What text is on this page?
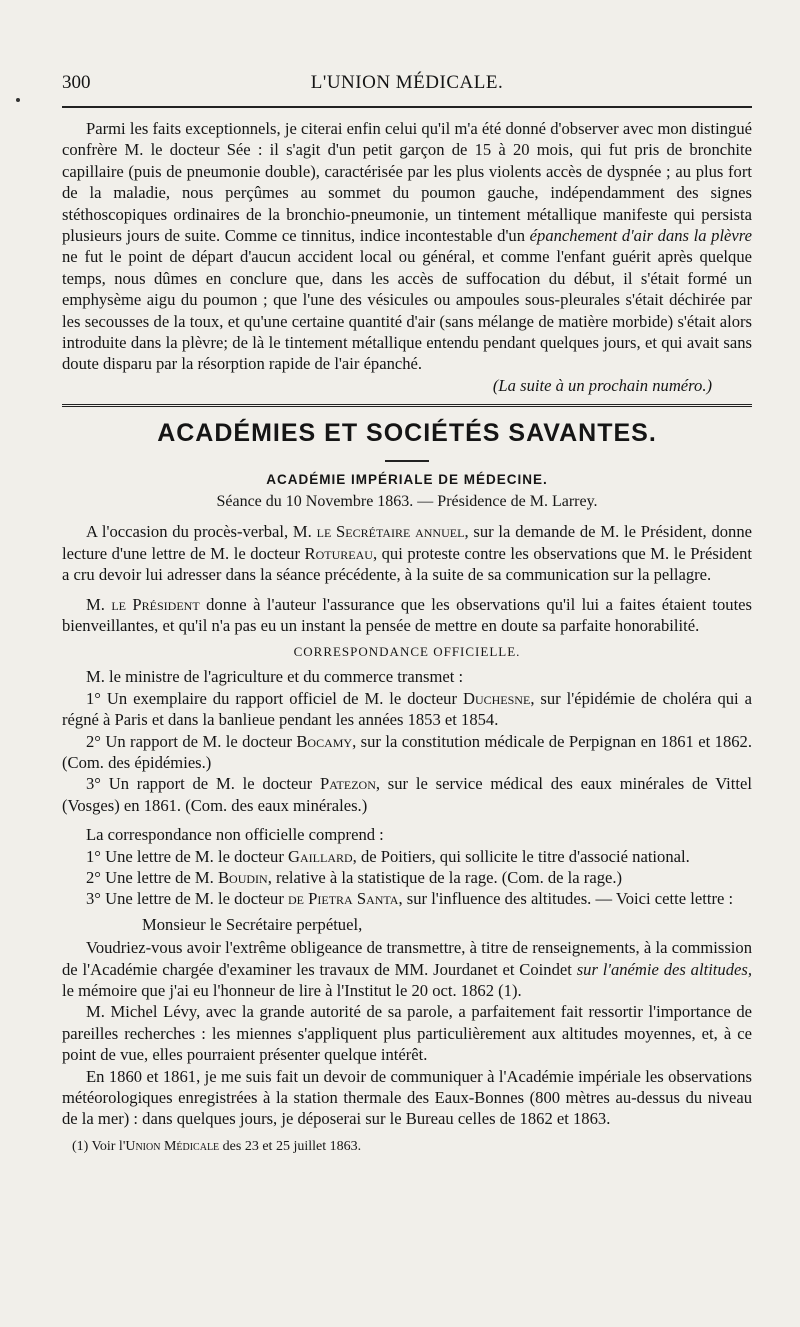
300	L'UNION MÉDICALE.

Parmi les faits exceptionnels, je citerai enfin celui qu'il m'a été donné d'observer avec mon distingué confrère M. le docteur Sée : il s'agit d'un petit garçon de 15 à 20 mois, qui fut pris de bronchite capillaire (puis de pneumonie double), caractérisée par les plus violents accès de dyspnée ; au plus fort de la maladie, nous perçûmes au sommet du poumon gauche, indépendamment des signes stéthoscopiques ordinaires de la bronchio-pneumonie, un tintement métallique manifeste qui persista plusieurs jours de suite. Comme ce tinnitus, indice incontestable d'un épanchement d'air dans la plèvre ne fut le point de départ d'aucun accident local ou général, et comme l'enfant guérit après quelque temps, nous dûmes en conclure que, dans les accès de suffocation du début, il s'était formé un emphysème aigu du poumon ; que l'une des vésicules ou ampoules sous-pleurales s'était déchirée par les secousses de la toux, et qu'une certaine quantité d'air (sans mélange de matière morbide) s'était alors introduite dans la plèvre; de là le tintement métallique entendu pendant quelques jours, et qui avait sans doute disparu par la résorption rapide de l'air épanché.

(La suite à un prochain numéro.)

ACADÉMIES ET SOCIÉTÉS SAVANTES.
ACADÉMIE IMPÉRIALE DE MÉDECINE.
Séance du 10 Novembre 1863. — Présidence de M. Larrey.

A l'occasion du procès-verbal, M. le Secrétaire annuel, sur la demande de M. le Président, donne lecture d'une lettre de M. le docteur Rotureau, qui proteste contre les observations que M. le Président a cru devoir lui adresser dans la séance précédente, à la suite de sa communication sur la pellagre.

M. le Président donne à l'auteur l'assurance que les observations qu'il lui a faites étaient toutes bienveillantes, et qu'il n'a pas eu un instant la pensée de mettre en doute sa parfaite honorabilité.

CORRESPONDANCE OFFICIELLE.

M. le ministre de l'agriculture et du commerce transmet :

1° Un exemplaire du rapport officiel de M. le docteur Duchesne, sur l'épidémie de choléra qui a régné à Paris et dans la banlieue pendant les années 1853 et 1854.

2° Un rapport de M. le docteur Bocamy, sur la constitution médicale de Perpignan en 1861 et 1862. (Com. des épidémies.)

3° Un rapport de M. le docteur Patezon, sur le service médical des eaux minérales de Vittel (Vosges) en 1861. (Com. des eaux minérales.)

La correspondance non officielle comprend :

1° Une lettre de M. le docteur Gaillard, de Poitiers, qui sollicite le titre d'associé national.

2° Une lettre de M. Boudin, relative à la statistique de la rage. (Com. de la rage.)

3° Une lettre de M. le docteur de Pietra Santa, sur l'influence des altitudes. — Voici cette lettre :

Monsieur le Secrétaire perpétuel,

Voudriez-vous avoir l'extrême obligeance de transmettre, à titre de renseignements, à la commission de l'Académie chargée d'examiner les travaux de MM. Jourdanet et Coindet sur l'anémie des altitudes, le mémoire que j'ai eu l'honneur de lire à l'Institut le 20 oct. 1862 (1).

M. Michel Lévy, avec la grande autorité de sa parole, a parfaitement fait ressortir l'importance de pareilles recherches : les miennes s'appliquent plus particulièrement aux altitudes moyennes, et, à ce point de vue, elles pourraient présenter quelque intérêt.

En 1860 et 1861, je me suis fait un devoir de communiquer à l'Académie impériale les observations météorologiques enregistrées à la station thermale des Eaux-Bonnes (800 mètres au-dessus du niveau de la mer) : dans quelques jours, je déposerai sur le Bureau celles de 1862 et 1863.

(1) Voir l'Union Médicale des 23 et 25 juillet 1863.
